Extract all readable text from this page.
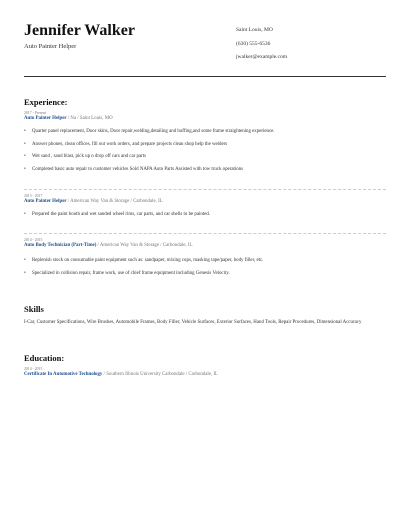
Jennifer Walker
Auto Painter Helper
Saint Louis, MO
(630) 555-6536
jwalker@example.com
Experience:
2017 - Present
Auto Painter Helper / Na / Saint Louis, MO
• Quarter panel replacement, Door skins, Door repair,welding,detailing and buffing,and some frame straightening experience.
• Answer phones, clean offices, fill out work orders, and prepare projects clean shop help the welders
• Wet sand , sand blast, pick up n drop off cars and car parts
• Completed basic auto repair to customer vehicles Sold NAPA Auto Parts Assisted with tow truck operations
2015 - 2017
Auto Painter Helper / American Way Van & Storage / Carbondale, IL
• Prepared the paint booth and wet sanded wheel rims, car parts, and car shells to be painted.
2014 - 2015
Auto Body Technician (Part-Time) / American Way Van & Storage / Carbondale, IL
• Replenish stock on consumable paint equipment such as: sandpaper, mixing cups, masking tape/paper, body filler, etc.
• Specialized in collision repair, frame work, use of chief frame equipment including Genesis Velocity.
Skills
I-Car, Customer Specifications, Wire Brushes, Automobile Frames, Body Filler, Vehicle Surfaces, Exterior Surfaces, Hand Tools, Repair Procedures, Dimensional Accuracy
Education:
2014 - 2015
Certificate In Automotive Technology / Southern Illinois University Carbondale / Carbondale, IL
